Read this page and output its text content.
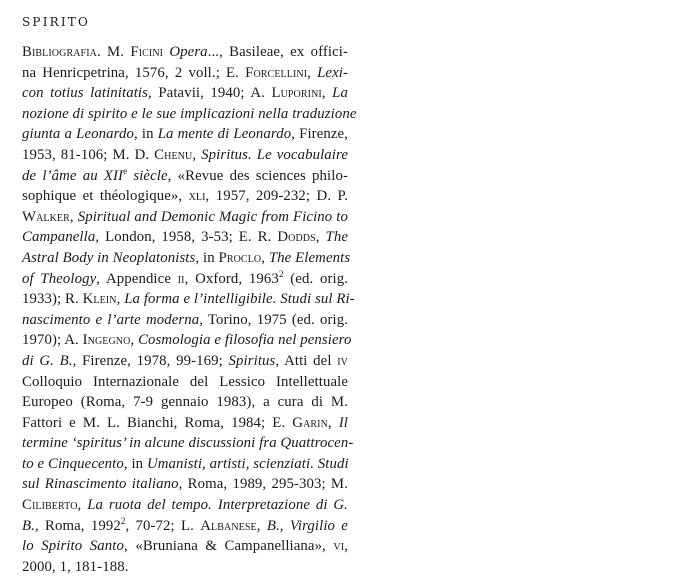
SPIRITO
Bibliografia. M. Ficini Opera..., Basileae, ex offici-
na Henricpetrina, 1576, 2 voll.; E. Forcellini, Lexi-
con totius latinitatis, Patavii, 1940; A. Luporini, La
nozione di spirito e le sue implicazioni nella traduzione
giunta a Leonardo, in La mente di Leonardo, Firenze,
1953, 81-106; M. D. Chenu, Spiritus. Le vocabulaire
de l’âme au XIIe siècle, «Revue des sciences philo-
sophique et théologique», xli, 1957, 209-232; D. P.
Walker, Spiritual and Demonic Magic from Ficino to
Campanella, London, 1958, 3-53; E. R. Dodds, The
Astral Body in Neoplatonists, in Proclo, The Elements
of Theology, Appendice ii, Oxford, 1963$^2$ (ed. orig.
1933); R. Klein, La forma e l’intelligibile. Studi sul Ri-
nascimento e l’arte moderna, Torino, 1975 (ed. orig.
1970); A. Ingegno, Cosmologia e filosofia nel pensiero
di G. B., Firenze, 1978, 99-169; Spiritus, Atti del iv
Colloquio Internazionale del Lessico Intellettuale
Europeo (Roma, 7-9 gennaio 1983), a cura di M.
Fattori e M. L. Bianchi, Roma, 1984; E. Garin, Il
termine ‘spiritus’ in alcune discussioni fra Quattrocen-
to e Cinquecento, in Umanisti, artisti, scienziati. Studi
sul Rinascimento italiano, Roma, 1989, 295-303; M.
Ciliberto, La ruota del tempo. Interpretazione di G.
B., Roma, 1992$^2$, 70-72; L. Albanese, B., Virgilio e
lo Spirito Santo, «Bruniana & Campanelliana», vi,
2000, 1, 181-188.
